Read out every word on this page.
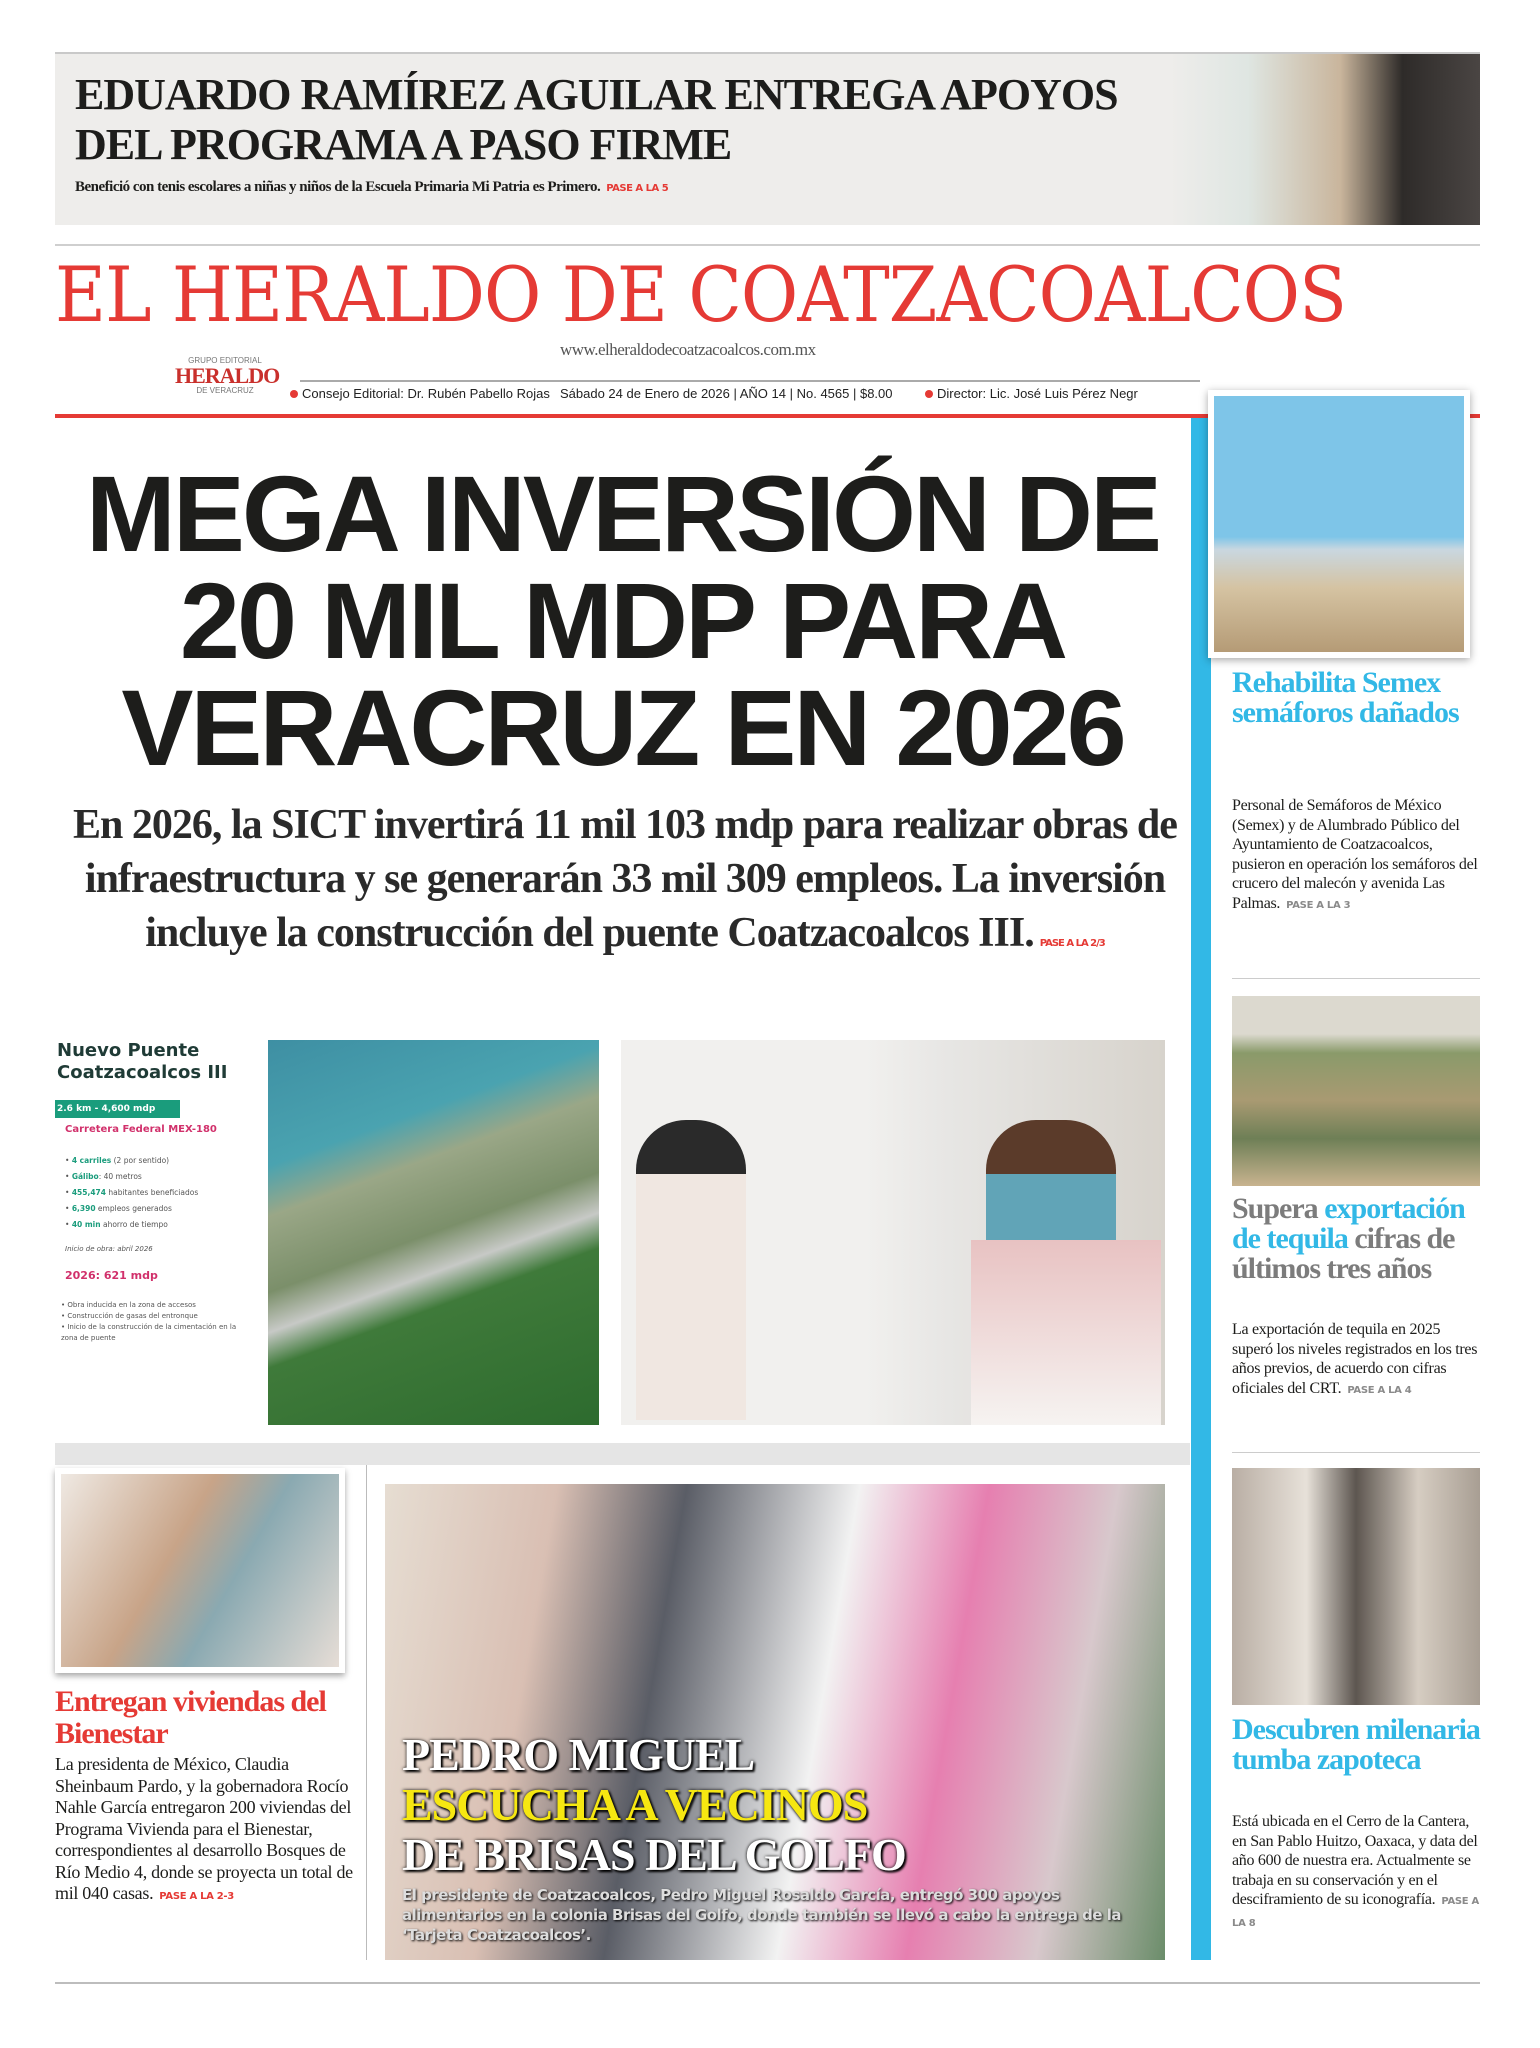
EDUARDO RAMÍREZ AGUILAR ENTREGA APOYOS DEL PROGRAMA A PASO FIRME
Benefició con tenis escolares a niñas y niños de la Escuela Primaria Mi Patria es Primero. PASE A LA 5
EL HERALDO DE COATZACOALCOS
www.elheraldodecoatzacoalcos.com.mx
GRUPO EDITORIAL
HERALDO
DE VERACRUZ	Consejo Editorial: Dr. Rubén Pabello Rojas Sábado 24 de Enero de 2026 | AÑO 14 | No. 4565 | $8.00	Director: Lic. José Luis Pérez Negr
MEGA INVERSIÓN DE 20 MIL MDP PARA VERACRUZ EN 2026
En 2026, la SICT invertirá 11 mil 103 mdp para realizar obras de infraestructura y se generarán 33 mil 309 empleos. La inversión incluye la construcción del puente Coatzacoalcos III. PASE A LA 2/3
Nuevo Puente Coatzacoalcos III
2.6 km - 4,600 mdp
Carretera Federal MEX-180
• 4 carriles (2 por sentido)
• Gálibo: 40 metros
• 455,474 habitantes beneficiados
• 6,390 empleos generados
• 40 min ahorro de tiempo
Inicio de obra: abril 2026
2026: 621 mdp
• Obra inducida en la zona de accesos
• Construcción de gasas del entronque
• Inicio de la construcción de la cimentación en la zona de puente
Entregan viviendas del Bienestar
La presidenta de México, Claudia Sheinbaum Pardo, y la gobernadora Rocío Nahle García entregaron 200 viviendas del Programa Vivienda para el Bienestar, correspondientes al desarrollo Bosques de Río Medio 4, donde se proyecta un total de mil 040 casas. PASE A LA 2-3
PEDRO MIGUEL
ESCUCHA A VECINOS
DE BRISAS DEL GOLFO
El presidente de Coatzacoalcos, Pedro Miguel Rosaldo García, entregó 300 apoyos alimentarios en la colonia Brisas del Golfo, donde también se llevó a cabo la entrega de la ‘Tarjeta Coatzacoalcos’.
Rehabilita Semex semáforos dañados
Personal de Semáforos de México (Semex) y de Alumbrado Público del Ayuntamiento de Coatzacoalcos, pusieron en operación los semáforos del crucero del malecón y avenida Las Palmas. PASE A LA 3
Supera exportación de tequila cifras de últimos tres años
La exportación de tequila en 2025 superó los niveles registrados en los tres años previos, de acuerdo con cifras oficiales del CRT. PASE A LA 4
Descubren milenaria tumba zapoteca
Está ubicada en el Cerro de la Cantera, en San Pablo Huitzo, Oaxaca, y data del año 600 de nuestra era. Actualmente se trabaja en su conservación y en el desciframiento de su iconografía. PASE A LA 8
